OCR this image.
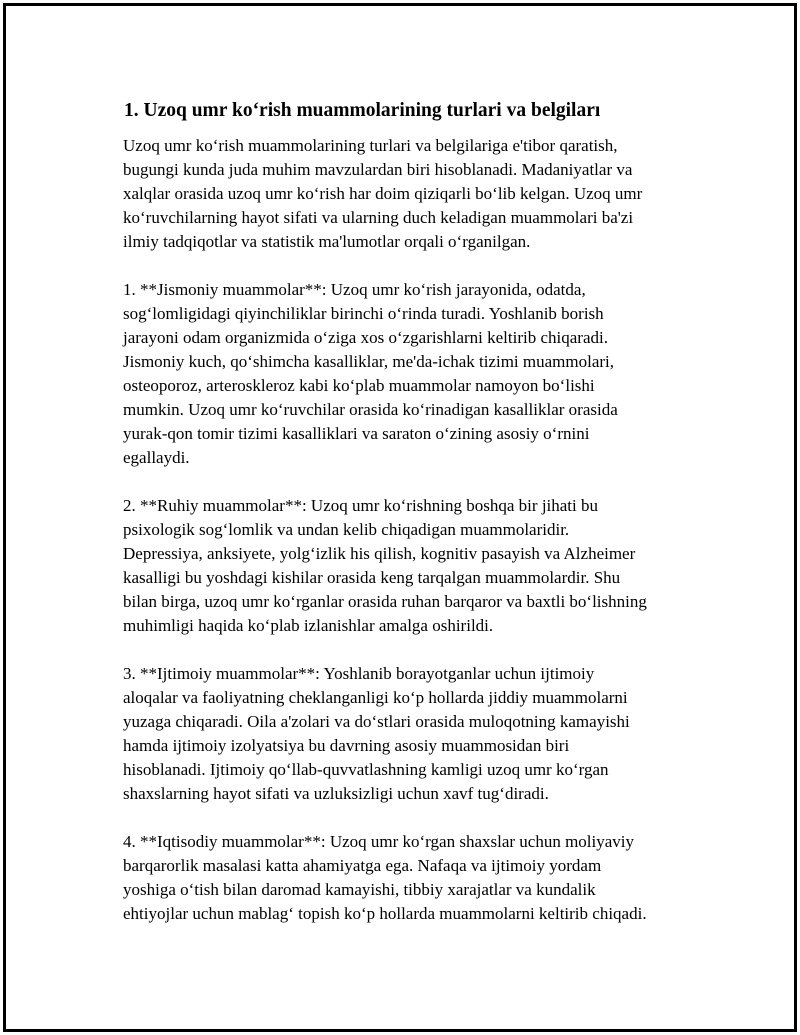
1. Uzoq umr ko‘rish muammolarining turlari va belgiları

Uzoq umr ko‘rish muammolarining turlari va belgilariga e'tibor qaratish,
bugungi kunda juda muhim mavzulardan biri hisoblanadi. Madaniyatlar va
xalqlar orasida uzoq umr ko‘rish har doim qiziqarli bo‘lib kelgan. Uzoq umr
ko‘ruvchilarning hayot sifati va ularning duch keladigan muammolari ba'zi
ilmiy tadqiqotlar va statistik ma'lumotlar orqali o‘rganilgan.

1. **Jismoniy muammolar**: Uzoq umr ko‘rish jarayonida, odatda,
sog‘lomligidagi qiyinchiliklar birinchi o‘rinda turadi. Yoshlanib borish
jarayoni odam organizmida o‘ziga xos o‘zgarishlarni keltirib chiqaradi.
Jismoniy kuch, qo‘shimcha kasalliklar, me'da-ichak tizimi muammolari,
osteoporoz, arteroskleroz kabi ko‘plab muammolar namoyon bo‘lishi
mumkin. Uzoq umr ko‘ruvchilar orasida ko‘rinadigan kasalliklar orasida
yurak-qon tomir tizimi kasalliklari va saraton o‘zining asosiy o‘rnini
egallaydi.

2. **Ruhiy muammolar**: Uzoq umr ko‘rishning boshqa bir jihati bu
psixologik sog‘lomlik va undan kelib chiqadigan muammolaridir.
Depressiya, anksiyete, yolg‘izlik his qilish, kognitiv pasayish va Alzheimer
kasalligi bu yoshdagi kishilar orasida keng tarqalgan muammolardir. Shu
bilan birga, uzoq umr ko‘rganlar orasida ruhan barqaror va baxtli bo‘lishning
muhimligi haqida ko‘plab izlanishlar amalga oshirildi.

3. **Ijtimoiy muammolar**: Yoshlanib borayotganlar uchun ijtimoiy
aloqalar va faoliyatning cheklanganligi ko‘p hollarda jiddiy muammolarni
yuzaga chiqaradi. Oila a'zolari va do‘stlari orasida muloqotning kamayishi
hamda ijtimoiy izolyatsiya bu davrning asosiy muammosidan biri
hisoblanadi. Ijtimoiy qo‘llab-quvvatlashning kamligi uzoq umr ko‘rgan
shaxslarning hayot sifati va uzluksizligi uchun xavf tug‘diradi.

4. **Iqtisodiy muammolar**: Uzoq umr ko‘rgan shaxslar uchun moliyaviy
barqarorlik masalasi katta ahamiyatga ega. Nafaqa va ijtimoiy yordam
yoshiga o‘tish bilan daromad kamayishi, tibbiy xarajatlar va kundalik
ehtiyojlar uchun mablag‘ topish ko‘p hollarda muammolarni keltirib chiqadi.
